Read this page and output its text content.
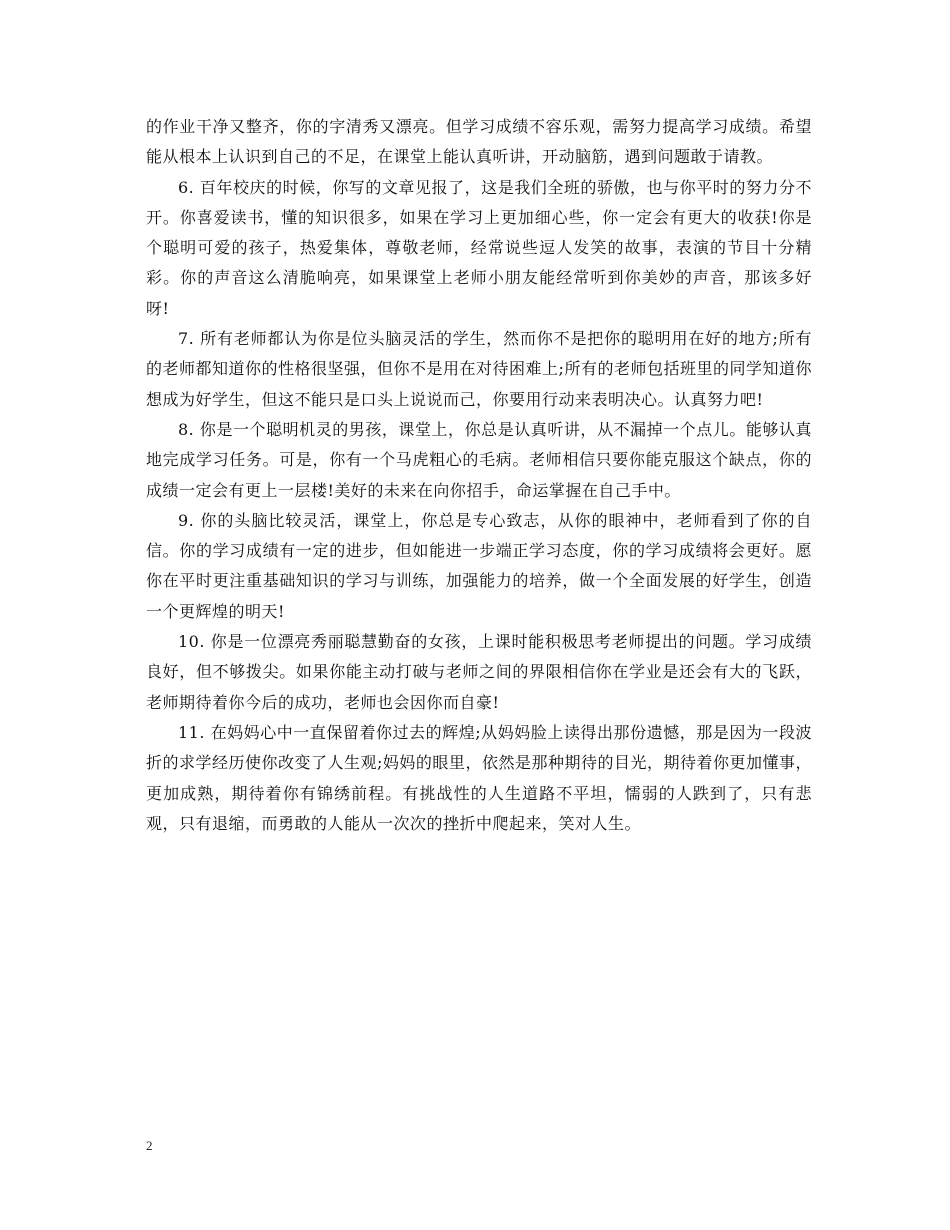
的作业干净又整齐，你的字清秀又漂亮。但学习成绩不容乐观，需努力提高学习成绩。希望能从根本上认识到自己的不足，在课堂上能认真听讲，开动脑筋，遇到问题敢于请教。

6. 百年校庆的时候，你写的文章见报了，这是我们全班的骄傲，也与你平时的努力分不开。你喜爱读书，懂的知识很多，如果在学习上更加细心些，你一定会有更大的收获!你是个聪明可爱的孩子，热爱集体，尊敬老师，经常说些逗人发笑的故事，表演的节目十分精彩。你的声音这么清脆响亮，如果课堂上老师小朋友能经常听到你美妙的声音，那该多好呀!

7. 所有老师都认为你是位头脑灵活的学生，然而你不是把你的聪明用在好的地方;所有的老师都知道你的性格很坚强，但你不是用在对待困难上;所有的老师包括班里的同学知道你想成为好学生，但这不能只是口头上说说而己，你要用行动来表明决心。认真努力吧!

8. 你是一个聪明机灵的男孩，课堂上，你总是认真听讲，从不漏掉一个点儿。能够认真地完成学习任务。可是，你有一个马虎粗心的毛病。老师相信只要你能克服这个缺点，你的成绩一定会有更上一层楼!美好的未来在向你招手，命运掌握在自己手中。

9. 你的头脑比较灵活，课堂上，你总是专心致志，从你的眼神中，老师看到了你的自信。你的学习成绩有一定的进步，但如能进一步端正学习态度，你的学习成绩将会更好。愿你在平时更注重基础知识的学习与训练，加强能力的培养，做一个全面发展的好学生，创造一个更辉煌的明天!

10. 你是一位漂亮秀丽聪慧勤奋的女孩，上课时能积极思考老师提出的问题。学习成绩良好，但不够拨尖。如果你能主动打破与老师之间的界限相信你在学业是还会有大的飞跃，老师期待着你今后的成功，老师也会因你而自豪!

11. 在妈妈心中一直保留着你过去的辉煌;从妈妈脸上读得出那份遗憾，那是因为一段波折的求学经历使你改变了人生观;妈妈的眼里，依然是那种期待的目光，期待着你更加懂事，更加成熟，期待着你有锦绣前程。有挑战性的人生道路不平坦，懦弱的人跌到了，只有悲观，只有退缩，而勇敢的人能从一次次的挫折中爬起来，笑对人生。

2
